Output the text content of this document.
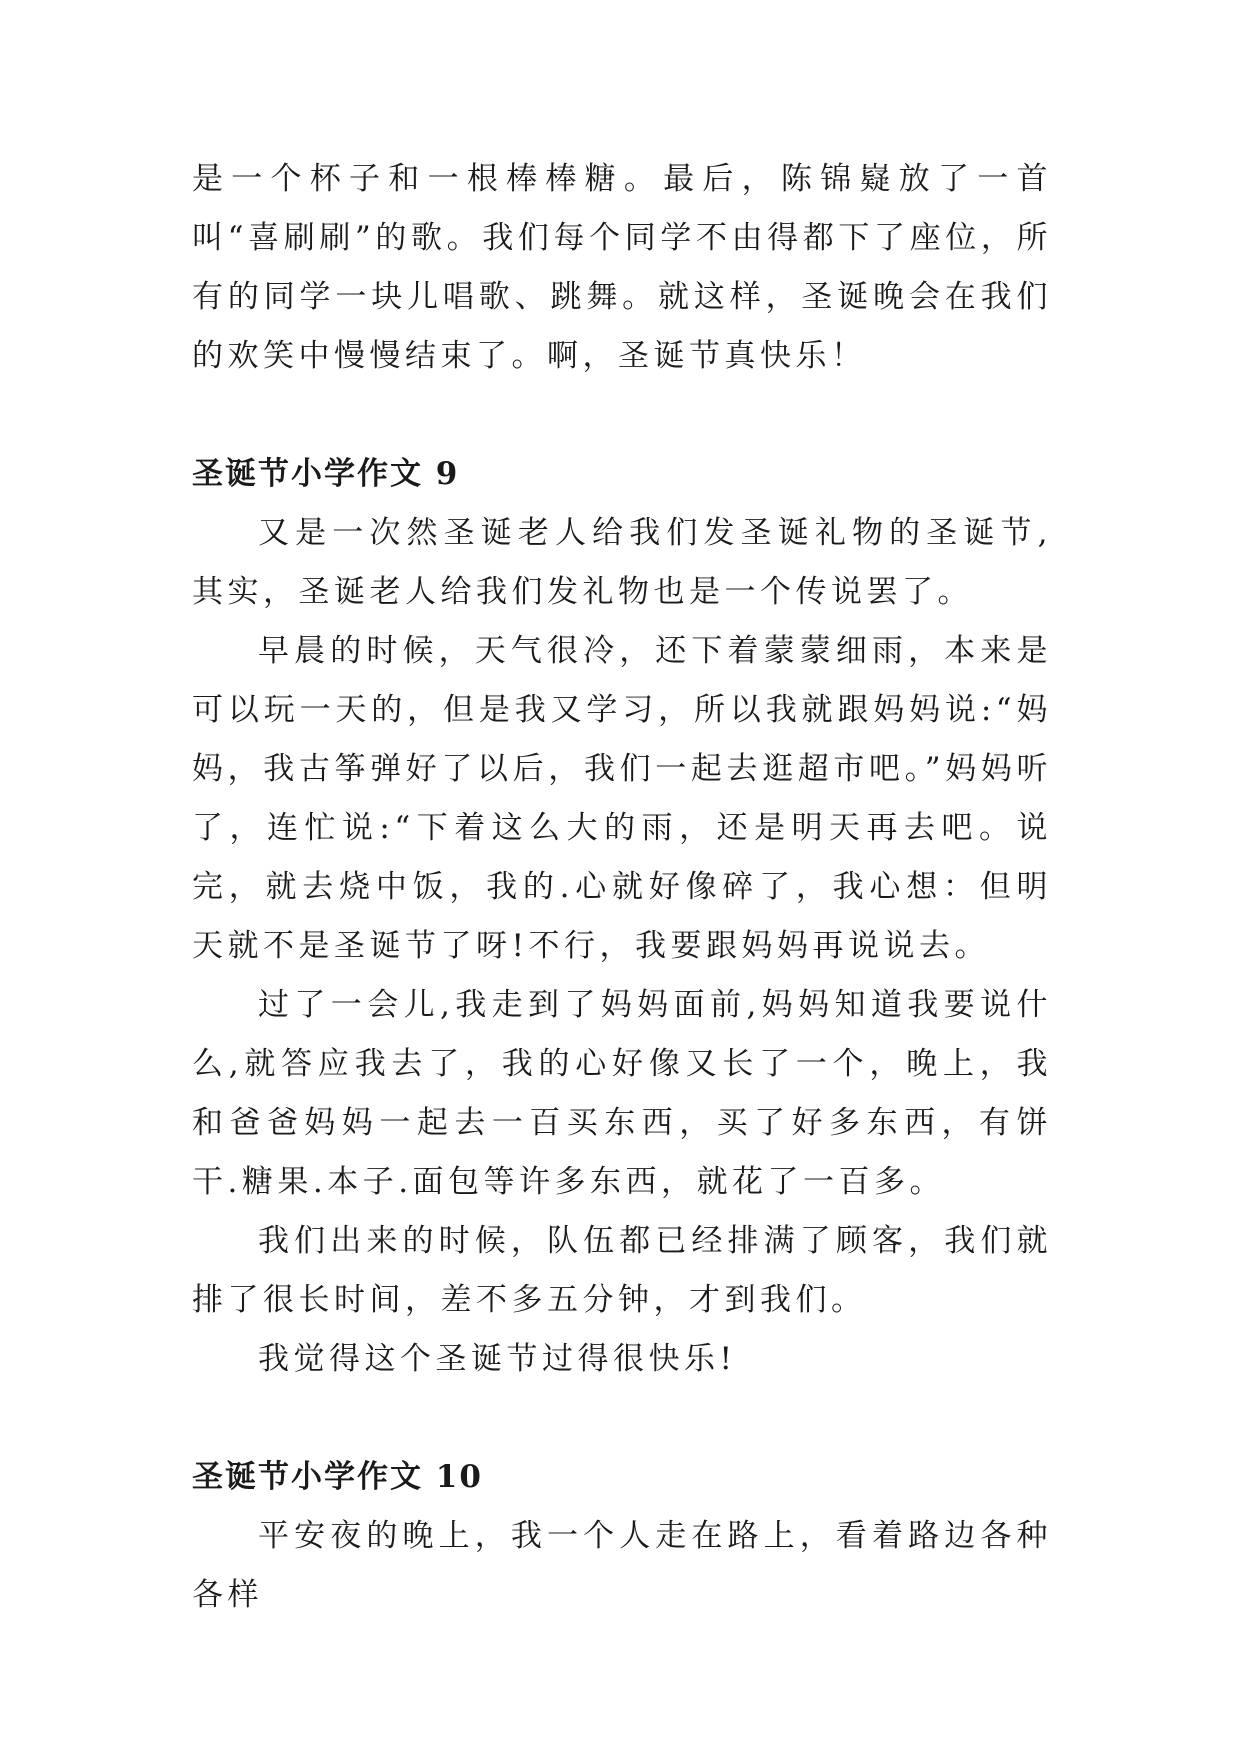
是一个杯子和一根棒棒糖。最后，陈锦嶷放了一首叫“喜刷刷”的歌。我们每个同学不由得都下了座位，所有的同学一块儿唱歌、跳舞。就这样，圣诞晚会在我们的欢笑中慢慢结束了。啊，圣诞节真快乐！

圣诞节小学作文 9

又是一次然圣诞老人给我们发圣诞礼物的圣诞节,其实，圣诞老人给我们发礼物也是一个传说罢了。

早晨的时候，天气很冷，还下着蒙蒙细雨，本来是可以玩一天的，但是我又学习，所以我就跟妈妈说:“妈妈，我古筝弹好了以后，我们一起去逛超市吧。”妈妈听了，连忙说:“下着这么大的雨，还是明天再去吧。说完，就去烧中饭，我的.心就好像碎了，我心想：但明天就不是圣诞节了呀!不行，我要跟妈妈再说说去。

过了一会儿,我走到了妈妈面前,妈妈知道我要说什么,就答应我去了，我的心好像又长了一个，晚上，我和爸爸妈妈一起去一百买东西，买了好多东西，有饼干.糖果.本子.面包等许多东西，就花了一百多。

我们出来的时候，队伍都已经排满了顾客，我们就排了很长时间，差不多五分钟，才到我们。

我觉得这个圣诞节过得很快乐!

圣诞节小学作文 10

平安夜的晚上，我一个人走在路上，看着路边各种各样
